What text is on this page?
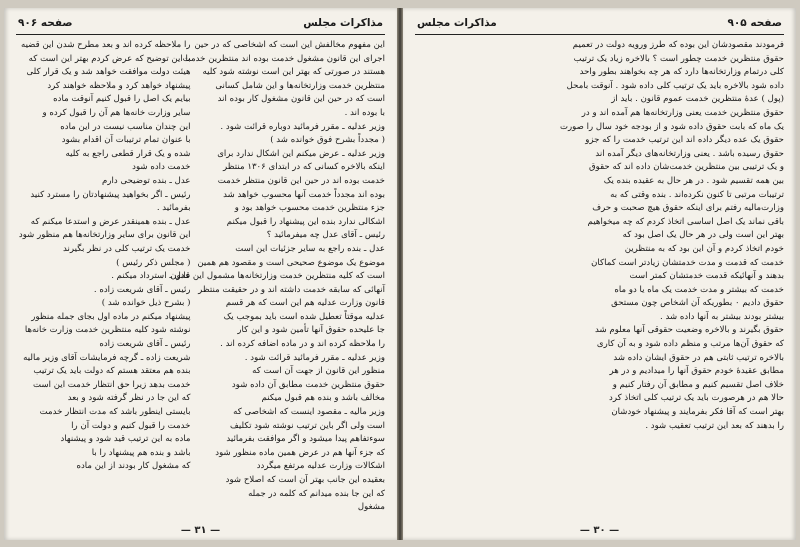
صفحه ۹۰۵
مذاکرات مجلس
فرمودند مقصودشان این بوده که طرز ورویه دولت در تعمیم
حقوق منتظرین خدمت چطور است ؟ بالاخره زیاد یک ترتیب
کلی درتمام وزارتخانه‌ها دارد که هر چه بخواهند بطور واحد
داده شود بالاخره باید یک ترتیب کلی داده شود . آنوقت بامحل
(پول ) عدهٔ منتظرین خدمت عموم قانون . باید از
حقوق منتظرین خدمت یعنی وزارتخانه‌ها هم آمده اند و در
یک ماه که بابت حقوق داده شود و از بودجه خود سال را صورت
حقوق یک عده دیگر داده اند این ترتیب خدمت را که جزو
حقوق رسیده باشد . یعنی وزارتخانه‌های دیگر آمده اند
و یک ترتیبی بین منتظرین خدمت‌شان داده اند که حقوق
بین همه تقسیم شود . در هر حال به عقیده بنده یک
ترتیبات مرتبی تا کنون نکرده‌اند . بنده وقتی که به
وزارت‌مالیه رفتم برای اینکه حقوق هیچ صحبت و حرف
باقی نماند یک اصل اساسی اتخاذ کردم که چه میخواهیم
بهتر این است ولی در هر حال یک اصل بود که
خودم اتخاذ کردم و آن این بود که به منتظرین
خدمت که قدمت و مدت خدمتشان زیادتر است کماکان
بدهند و آنهائیکه قدمت خدمتشان کمتر است
خدمت که بیشتر و مدت خدمت یک ماه یا دو ماه
حقوق دادیم ۰ بطوریکه آن اشخاص چون مستحق
بیشتر بودند بیشتر به آنها داده شد .
حقوق بگیرند و بالاخره وضعیت حقوقی آنها معلوم شد
که حقوق آن‌ها مرتب و منظم داده شود و به آن کاری
بالاخره ترتیب ثابتی هم در حقوق ایشان داده شد
مطابق عقیدهٔ خودم حقوق آنها را میدادیم و در هر
خلاف اصل تقسیم کنیم و مطابق آن رفتار کنیم و
حالا هم در هرصورت باید یک ترتیب کلی اتخاذ کرد
بهتر است که آقا فکر بفرمایند و پیشنهاد خودشان
را بدهند که بعد این ترتیب تعقیب شود .
— ۳۰ —
مذاکرات مجلس
صفحه ۹۰۶
این مفهوم مخالفش این است که اشخاصی که در حین
اجرای این قانون مشغول خدمت بوده اند منتظرین خدمت
هستند در صورتی که بهتر این است نوشته شود کلیه
منتظرین خدمت وزارتخانه‌ها و این شامل کسانی
است که در حین این قانون مشغول کار بوده اند
با بوده اند .
وزیر عدلیه ـ مقرر فرمائید دوباره قرائت شود .
( مجدداً بشرح فوق خوانده شد )
وزیر عدلیه ـ عرض میکنم این اشکال ندارد برای
اینکه بالاخره کسانی که در ابتدای ۱۳۰۶ منتظر
خدمت بوده اند در حین این قانون منتظر خدمت
بوده اند مجدداً خدمت آنها محسوب خواهد شد
جزء منتظرین خدمت محسوب خواهد بود و
اشکالی ندارد بنده این پیشنهاد را قبول میکنم
رئیس ـ آقای عدل چه میفرمائید ؟
عدل ـ بنده راجع به سایر جزئیات این است
موضوع یک موضوع صحیحی است و مقصود هم همین
است که کلیه منتظرین خدمت وزارتخانه‌ها مشمول این قانون
آنهائی که سابقه خدمت داشته اند و در حقیقت منتظر
قانون وزارت عدلیه هم این است که هر قسم
عدلیه موقتاً تعطیل شده است باید بموجب یک
جا علیحده حقوق آنها تأمین شود و این کار
را ملاحظه کرده اند و در ماده اضافه کرده اند .
وزیر عدلیه ـ مقرر فرمائید قرائت شود .
منظور این قانون از جهت آن است که
حقوق منتظرین خدمت مطابق آن داده شود
مخالف باشد و بنده هم قبول میکنم
وزیر مالیه ـ مقصود اینست که اشخاصی که
است ولی اگر باین ترتیب نوشته شود تکلیف
سوءتفاهم پیدا میشود و اگر موافقت بفرمائید
که جزء آنها هم در عرض همین ماده منظور شود
اشکالات وزارت عدلیه مرتفع میگردد
بعقیده این جانب بهتر آن است که اصلاح شود
که این جا بنده میدانم که کلمه در جمله
مشغول
را ملاحظه کرده اند و بعد مطرح شدن این قضیه
با این توضیح که عرض کردم بهتر این است که
هیئت دولت موافقت خواهد شد و یک قرار کلی
پیشنهاد خواهد کرد و ملاحظه خواهند کرد
بیایم یک اصل را قبول کنیم آنوقت ماده
سایر وزارت خانه‌ها هم آن را قبول کرده و
این چندان مناسب نیست در این ماده
با عنوان تمام ترتیبات آن اقدام بشود
شده و یک قرار قطعی راجع به کلیه
خدمت داده شود
عدل ـ بنده توضیحی دارم
رئیس ـ اگر بخواهید پیشنهادتان را مسترد کنید
بفرمائید .
عدل ـ بنده همینقدر عرض و استدعا میکنم که
این قانون برای سایر وزارتخانه‌ها هم منظور شود
خدمت یک ترتیب کلی در نظر بگیرند
( مجلس ذکر رئیس )
عدل ـ استرداد میکنم .
رئیس ـ آقای شریعت زاده .
( بشرح ذیل خوانده شد )
پیشنهاد میکنم در ماده اول بجای جمله منظور
نوشته شود کلیه منتظرین خدمت وزارت خانه‌ها
رئیس ـ آقای شریعت زاده
شریعت زاده ـ گرچه فرمایشات آقای وزیر مالیه
بنده هم معتقد هستم که دولت باید یک ترتیب
خدمت بدهد زیرا حق انتظار خدمت این است
که این جا در نظر گرفته شود و بعد
بایستی اینطور باشد که مدت انتظار خدمت
خدمت را قبول کنیم و دولت آن را
ماده به این ترتیب قید شود و پیشنهاد
باشد و بنده هم پیشنهاد را با
که مشغول کار بودند از این ماده
— ۳۱ —
